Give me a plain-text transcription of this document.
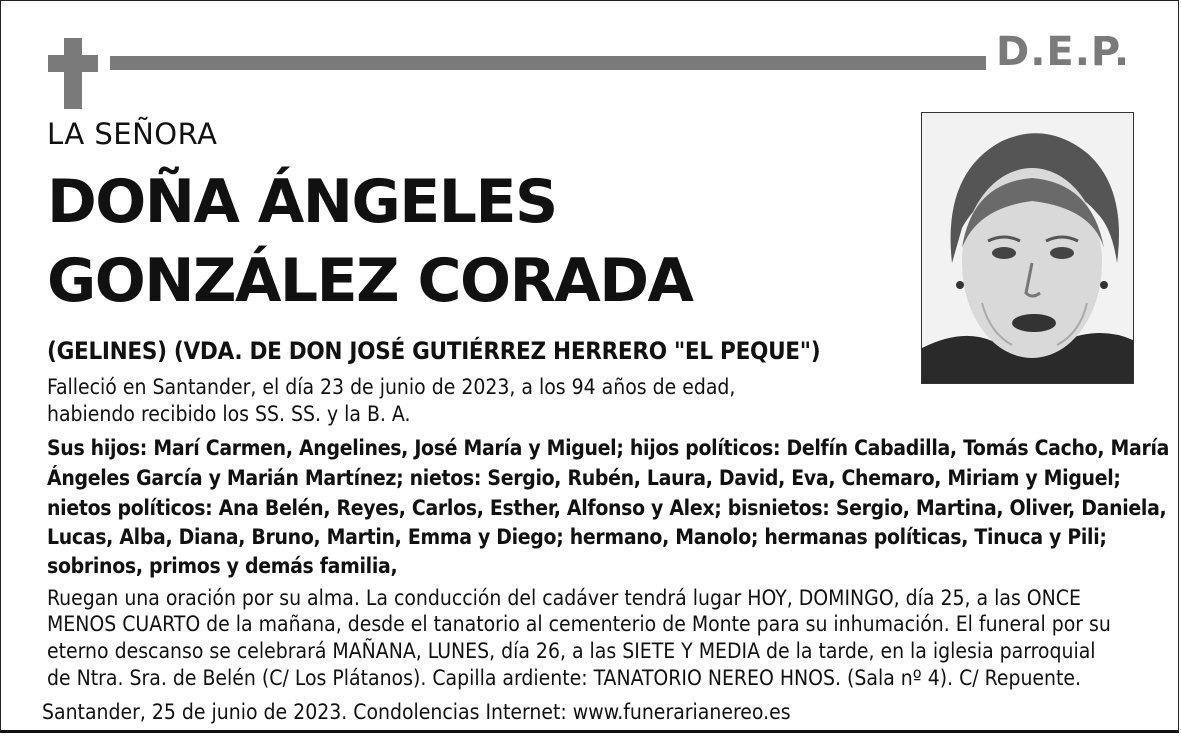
D.E.P.
LA SEÑORA
DOÑA ÁNGELES
GONZÁLEZ CORADA
(GELINES) (VDA. DE DON JOSÉ GUTIÉRREZ HERRERO "EL PEQUE")
Falleció en Santander, el día 23 de junio de 2023, a los 94 años de edad,
habiendo recibido los SS. SS. y la B. A.
Sus hijos: Marí Carmen, Angelines, José María y Miguel; hijos políticos: Delfín Cabadilla, Tomás Cacho, María
Ángeles García y Marián Martínez; nietos: Sergio, Rubén, Laura, David, Eva, Chemaro, Miriam y Miguel;
nietos políticos: Ana Belén, Reyes, Carlos, Esther, Alfonso y Alex; bisnietos: Sergio, Martina, Oliver, Daniela,
Lucas, Alba, Diana, Bruno, Martin, Emma y Diego; hermano, Manolo; hermanas políticas, Tinuca y Pili;
sobrinos, primos y demás familia,
Ruegan una oración por su alma. La conducción del cadáver tendrá lugar HOY, DOMINGO, día 25, a las ONCE
MENOS CUARTO de la mañana, desde el tanatorio al cementerio de Monte para su inhumación. El funeral por su
eterno descanso se celebrará MAÑANA, LUNES, día 26, a las SIETE Y MEDIA de la tarde, en la iglesia parroquial
de Ntra. Sra. de Belén (C/ Los Plátanos). Capilla ardiente: TANATORIO NEREO HNOS. (Sala nº 4). C/ Repuente.
Santander, 25 de junio de 2023. Condolencias Internet: www.funerarianereo.es
